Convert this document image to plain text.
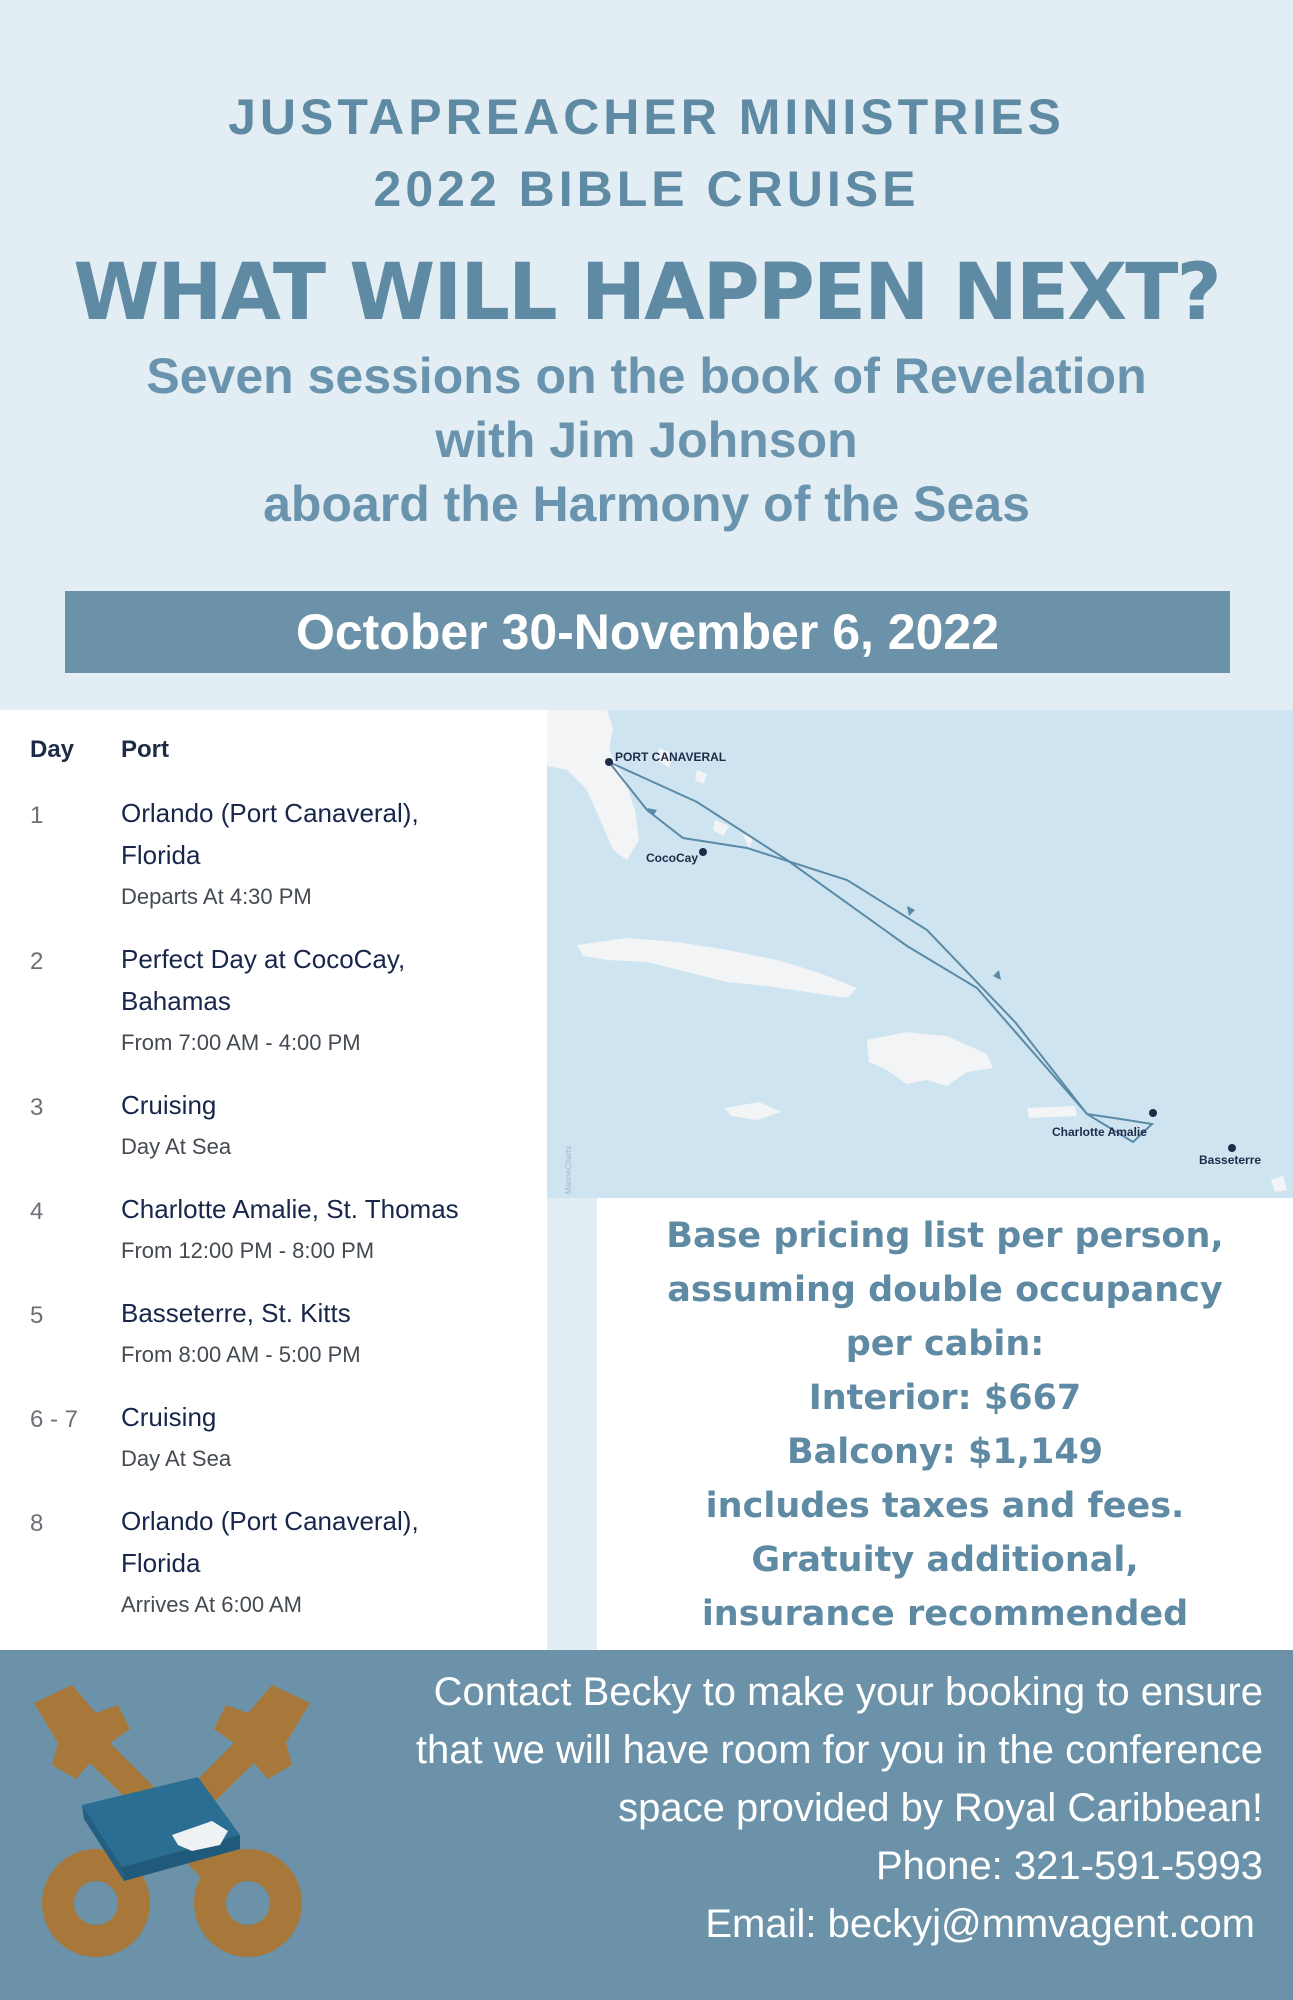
JUSTAPREACHER MINISTRIES
2022 BIBLE CRUISE
WHAT WILL HAPPEN NEXT?
Seven sessions on the book of Revelation
with Jim Johnson
aboard the Harmony of the Seas
October 30-November 6, 2022
Day Port
1	Orlando (Port Canaveral),
Florida
Departs At 4:30 PM
2	Perfect Day at CocoCay,
Bahamas
From 7:00 AM - 4:00 PM
3	Cruising
Day At Sea
4	Charlotte Amalie, St. Thomas
From 12:00 PM - 8:00 PM
5	Basseterre, St. Kitts
From 8:00 AM - 5:00 PM
6 - 7 Cruising
Day At Sea
8	Orlando (Port Canaveral),
Florida
Arrives At 6:00 AM
PORT CANAVERAL
CocoCay
Charlotte Amalie
Basseterre
MarineCharts
Base pricing list per person,
assuming double occupancy
per cabin:
Interior: $667
Balcony: $1,149
includes taxes and fees.
Gratuity additional,
insurance recommended
Contact Becky to make your booking to ensure
that we will have room for you in the conference
space provided by Royal Caribbean!
Phone: 321-591-5993
Email: beckyj@mmvagent.com
